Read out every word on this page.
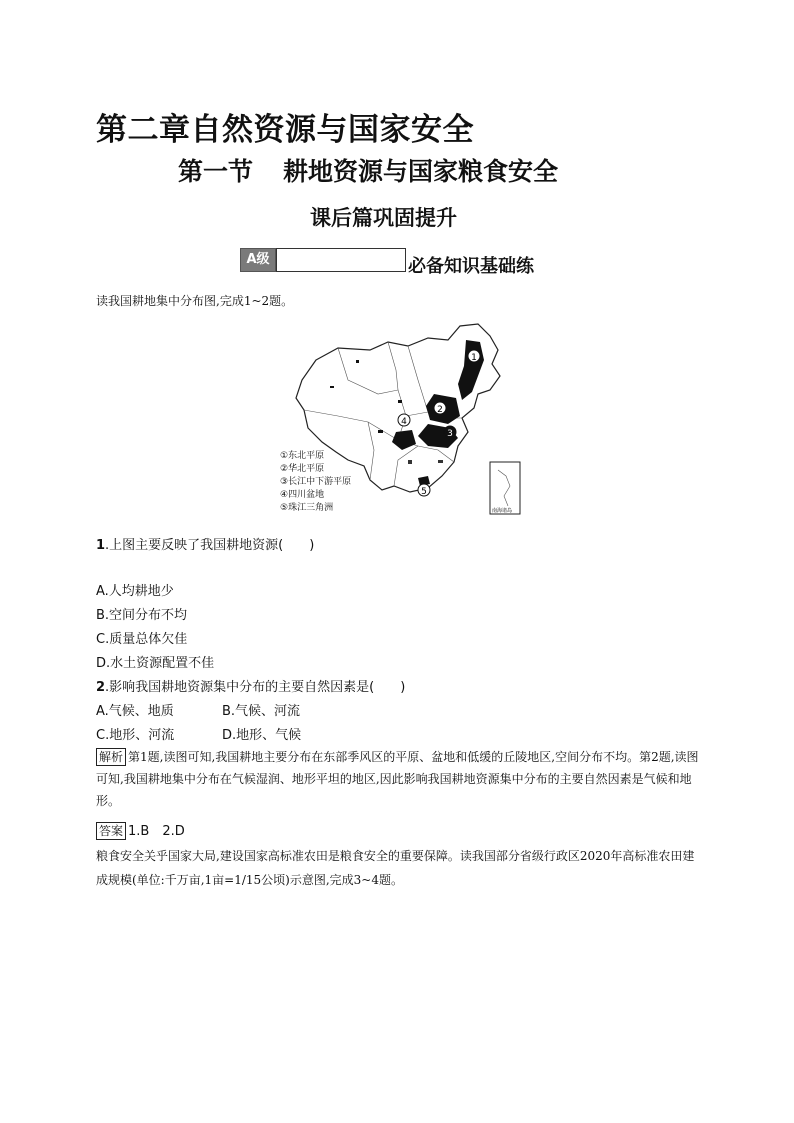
第二章自然资源与国家安全
第一节 耕地资源与国家粮食安全
课后篇巩固提升
A级	必备知识基础练
读我国耕地集中分布图,完成1~2题。
1
2
3
4
5
①东北平原
②华北平原
③长江中下游平原
④四川盆地
⑤珠江三角洲	南海诸岛
1.上图主要反映了我国耕地资源(　　)
A.人均耕地少
B.空间分布不均
C.质量总体欠佳
D.水土资源配置不佳
2.影响我国耕地资源集中分布的主要自然因素是(　　)
A.气候、地质	B.气候、河流
C.地形、河流	D.地形、气候
解析 第1题,读图可知,我国耕地主要分布在东部季风区的平原、盆地和低缓的丘陵地区,空间分布不均。第2题,读图可知,我国耕地集中分布在气候湿润、地形平坦的地区,因此影响我国耕地资源集中分布的主要自然因素是气候和地形。
答案 1.B　2.D
粮食安全关乎国家大局,建设国家高标准农田是粮食安全的重要保障。读我国部分省级行政区2020年高标准农田建成规模(单位:千万亩,1亩=1/15公顷)示意图,完成3~4题。
